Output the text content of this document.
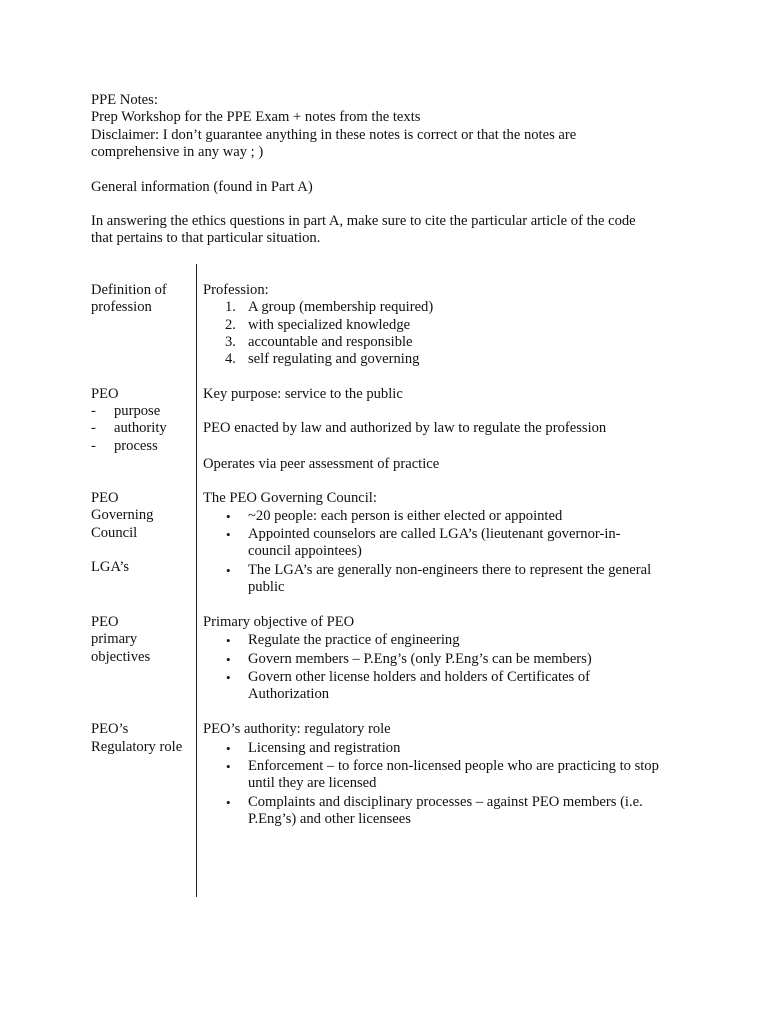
PPE Notes:
Prep Workshop for the PPE Exam + notes from the texts
Disclaimer: I don’t guarantee anything in these notes is correct or that the notes are
comprehensive in any way ; )
General information (found in Part A)
In answering the ethics questions in part A, make sure to cite the particular article of the code
that pertains to that particular situation.
Definition of
profession
Profession:
1. A group (membership required)
2. with specialized knowledge
3. accountable and responsible
4. self regulating and governing
PEO
- purpose
- authority
- process
Key purpose: service to the public
PEO enacted by law and authorized by law to regulate the profession
Operates via peer assessment of practice
PEO
Governing
Council
LGA’s
The PEO Governing Council:
• ~20 people: each person is either elected or appointed
• Appointed counselors are called LGA’s (lieutenant governor-in-
council appointees)
• The LGA’s are generally non-engineers there to represent the general
public
PEO
primary
objectives
Primary objective of PEO
• Regulate the practice of engineering
• Govern members – P.Eng’s (only P.Eng’s can be members)
• Govern other license holders and holders of Certificates of
Authorization
PEO’s
Regulatory role
PEO’s authority: regulatory role
• Licensing and registration
• Enforcement – to force non-licensed people who are practicing to stop
until they are licensed
• Complaints and disciplinary processes – against PEO members (i.e.
P.Eng’s) and other licensees
